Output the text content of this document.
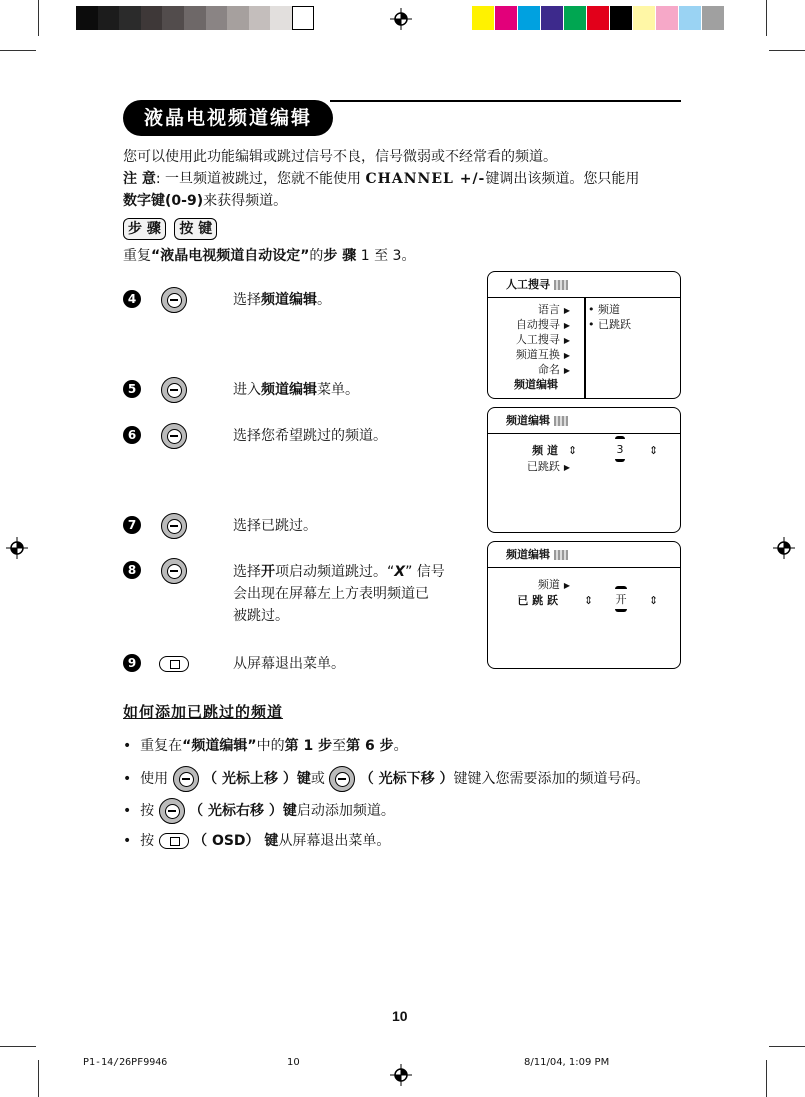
液晶电视频道编辑
您可以使用此功能编辑或跳过信号不良，信号微弱或不经常看的频道。
注 意: 一旦频道被跳过，您就不能使用 CHANNEL +/-键调出该频道。您只能用
数字键(0-9)来获得频道。
步 骤 按 键
重复“液晶电视频道自动设定”的步 骤 1 至 3。
4	选择频道编辑。
5	进入频道编辑菜单。
6	选择您希望跳过的频道。
7	选择已跳过。
8	选择开项启动频道跳过。“X” 信号
会出现在屏幕左上方表明频道已
被跳过。
9	从屏幕退出菜单。
人工搜寻
语言 ▶
自动搜寻 ▶
人工搜寻 ▶
频道互换 ▶
命名 ▶
频道编辑
• 频道
• 已跳跃
频道编辑
频 道 ⇕	3 ⇕
已跳跃 ▶
频道编辑
频道 ▶
已 跳 跃 ⇕ 开 ⇕
如何添加已跳过的频道
•  重复在“频道编辑”中的第 1 步至第 6 步。
•  使用 （ 光标上移 ）键或 （ 光标下移 ）键键入您需要添加的频道号码。
•  按 （ 光标右移 ）键启动添加频道。
•  按	（ OSD） 键从屏幕退出菜单。
10
P1-14/26PF9946	10	8/11/04, 1:09 PM
